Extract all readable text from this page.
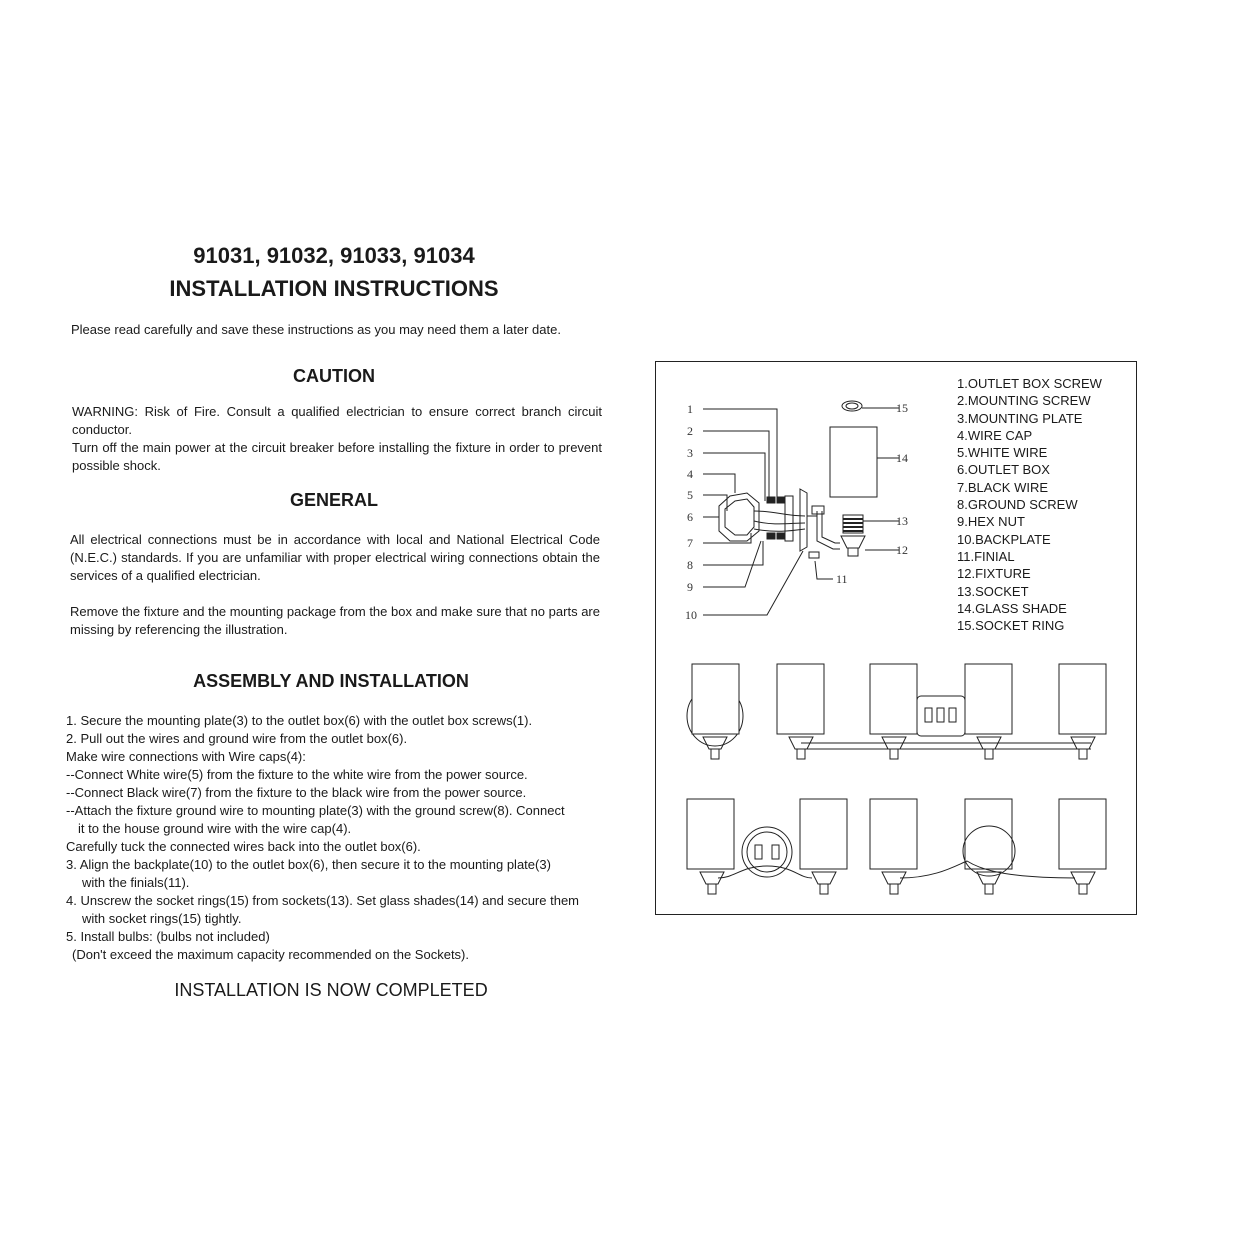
91031, 91032, 91033, 91034
INSTALLATION INSTRUCTIONS
Please read carefully and save these instructions as you may need them a later date.
CAUTION
WARNING: Risk of Fire. Consult a qualified electrician to ensure correct branch circuit conductor.
Turn off the main power at the circuit breaker before installing the fixture in order to prevent possible shock.
GENERAL
All electrical connections must be in accordance with local and National Electrical Code (N.E.C.) standards. If you are unfamiliar with proper electrical wiring connections obtain the services of a qualified electrician.
Remove the fixture and the mounting package from the box and make sure that no parts are missing by referencing the illustration.
ASSEMBLY AND INSTALLATION
1. Secure the mounting plate(3) to the outlet box(6) with the outlet box screws(1).
2. Pull out the wires and ground wire from the outlet box(6).
Make wire connections with Wire caps(4):
--Connect White wire(5) from the fixture to the white wire from the power source.
--Connect Black wire(7) from the fixture to the black wire from the power source.
--Attach the fixture ground wire to mounting plate(3) with the ground screw(8). Connect
it to the house ground wire with the wire cap(4).
Carefully tuck the connected wires back into the outlet box(6).
3. Align the backplate(10) to the outlet box(6), then secure it to the mounting plate(3)
with the finials(11).
4. Unscrew the socket rings(15) from sockets(13). Set glass shades(14) and secure them
with socket rings(15) tightly.
5. Install bulbs: (bulbs not included)
(Don't exceed the maximum capacity recommended on the Sockets).
INSTALLATION IS NOW COMPLETED
1
2
3
4
5
6
7
8
9
10
11
12
13
14
15
1.OUTLET BOX SCREW
2.MOUNTING SCREW
3.MOUNTING PLATE
4.WIRE CAP
5.WHITE WIRE
6.OUTLET BOX
7.BLACK WIRE
8.GROUND SCREW
9.HEX NUT
10.BACKPLATE
11.FINIAL
12.FIXTURE
13.SOCKET
14.GLASS SHADE
15.SOCKET RING
